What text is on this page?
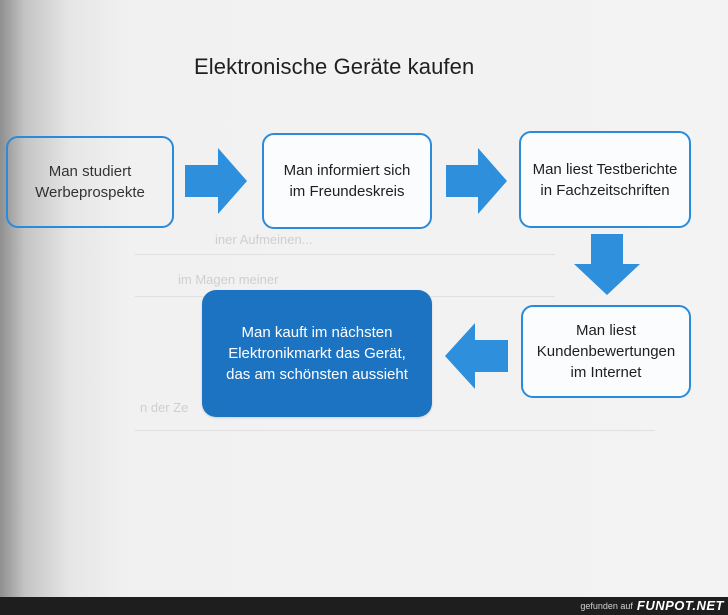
iner Aufmeinen...
im Magen meiner
n der Ze
Elektronische Geräte kaufen
Man studiert
Werbeprospekte
Man informiert sich
im Freundeskreis
Man liest Testberichte
in Fachzeitschriften
Man liest
Kundenbewertungen
im Internet
Man kauft im nächsten
Elektronikmarkt das Gerät,
das am schönsten aussieht
gefunden auf FUNPOT.NET
